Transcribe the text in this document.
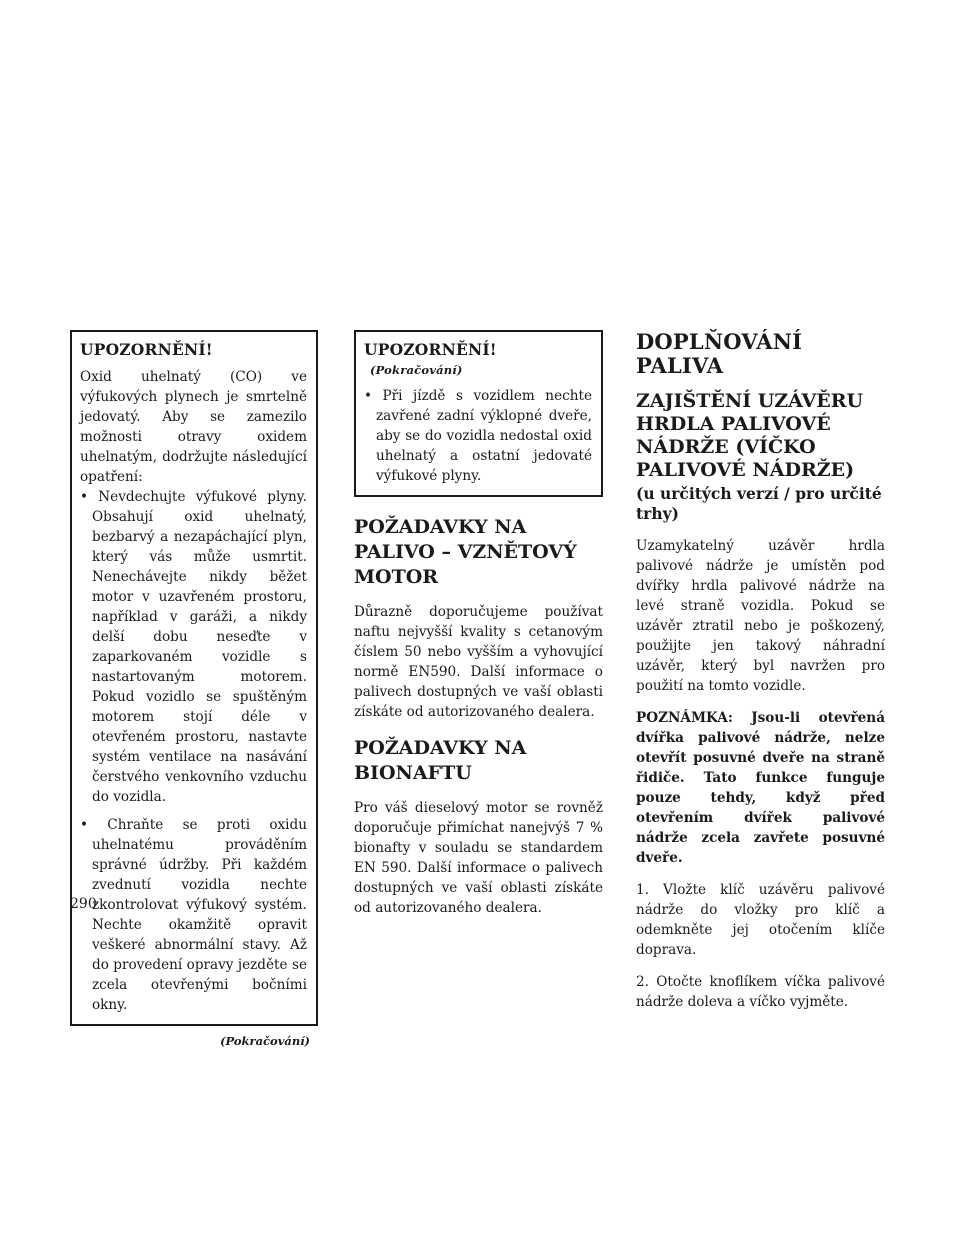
UPOZORNĚNÍ!

Oxid uhelnatý (CO) ve výfukových plynech je smrtelně jedovatý. Aby se zamezilo možnosti otravy oxidem uhelnatým, dodržujte následující opatření:

• Nevdechujte výfukové plyny. Obsahují oxid uhelnatý, bezbarvý a nezapáchající plyn, který vás může usmrtit. Nenechávejte nikdy běžet motor v uzavřeném prostoru, například v garáži, a nikdy delší dobu neseďte v zaparkovaném vozidle s nastartovaným motorem. Pokud vozidlo se spuštěným motorem stojí déle v otevřeném prostoru, nastavte systém ventilace na nasávání čerstvého venkovního vzduchu do vozidla.
• Chraňte se proti oxidu uhelnatému prováděním správné údržby. Při každém zvednutí vozidla nechte zkontrolovat výfukový systém. Nechte okamžitě opravit veškeré abnormální stavy. Až do provedení opravy jezděte se zcela otevřenými bočními okny.
(Pokračování)
UPOZORNĚNÍ!(Pokračování)
• Při jízdě s vozidlem nechte zavřené zadní výklopné dveře, aby se do vozidla nedostal oxid uhelnatý a ostatní jedovaté výfukové plyny.
POŽADAVKY NA PALIVO – VZNĚTOVÝ MOTOR

Důrazně doporučujeme používat naftu nejvyšší kvality s cetanovým číslem 50 nebo vyšším a vyhovující normě EN590. Další informace o palivech dostupných ve vaší oblasti získáte od autorizovaného dealera.

POŽADAVKY NA BIONAFTU

Pro váš dieselový motor se rovněž doporučuje přimíchat nanejvýš 7 % bionafty v souladu se standardem EN 590. Další informace o palivech dostupných ve vaší oblasti získáte od autorizovaného dealera.

DOPLŇOVÁNÍ PALIVA
ZAJIŠTĚNÍ UZÁVĚRU HRDLA PALIVOVÉ NÁDRŽE (VÍČKO PALIVOVÉ NÁDRŽE)
(u určitých verzí / pro určité trhy)

Uzamykatelný uzávěr hrdla palivové nádrže je umístěn pod dvířky hrdla palivové nádrže na levé straně vozidla. Pokud se uzávěr ztratil nebo je poškozený, použijte jen takový náhradní uzávěr, který byl navržen pro použití na tomto vozidle.

POZNÁMKA: Jsou-li otevřená dvířka palivové nádrže, nelze otevřít posuvné dveře na straně řidiče. Tato funkce funguje pouze tehdy, když před otevřením dvířek palivové nádrže zcela zavřete posuvné dveře.

1. Vložte klíč uzávěru palivové nádrže do vložky pro klíč a odemkněte jej otočením klíče doprava.

2. Otočte knoflíkem víčka palivové nádrže doleva a víčko vyjměte.

290
